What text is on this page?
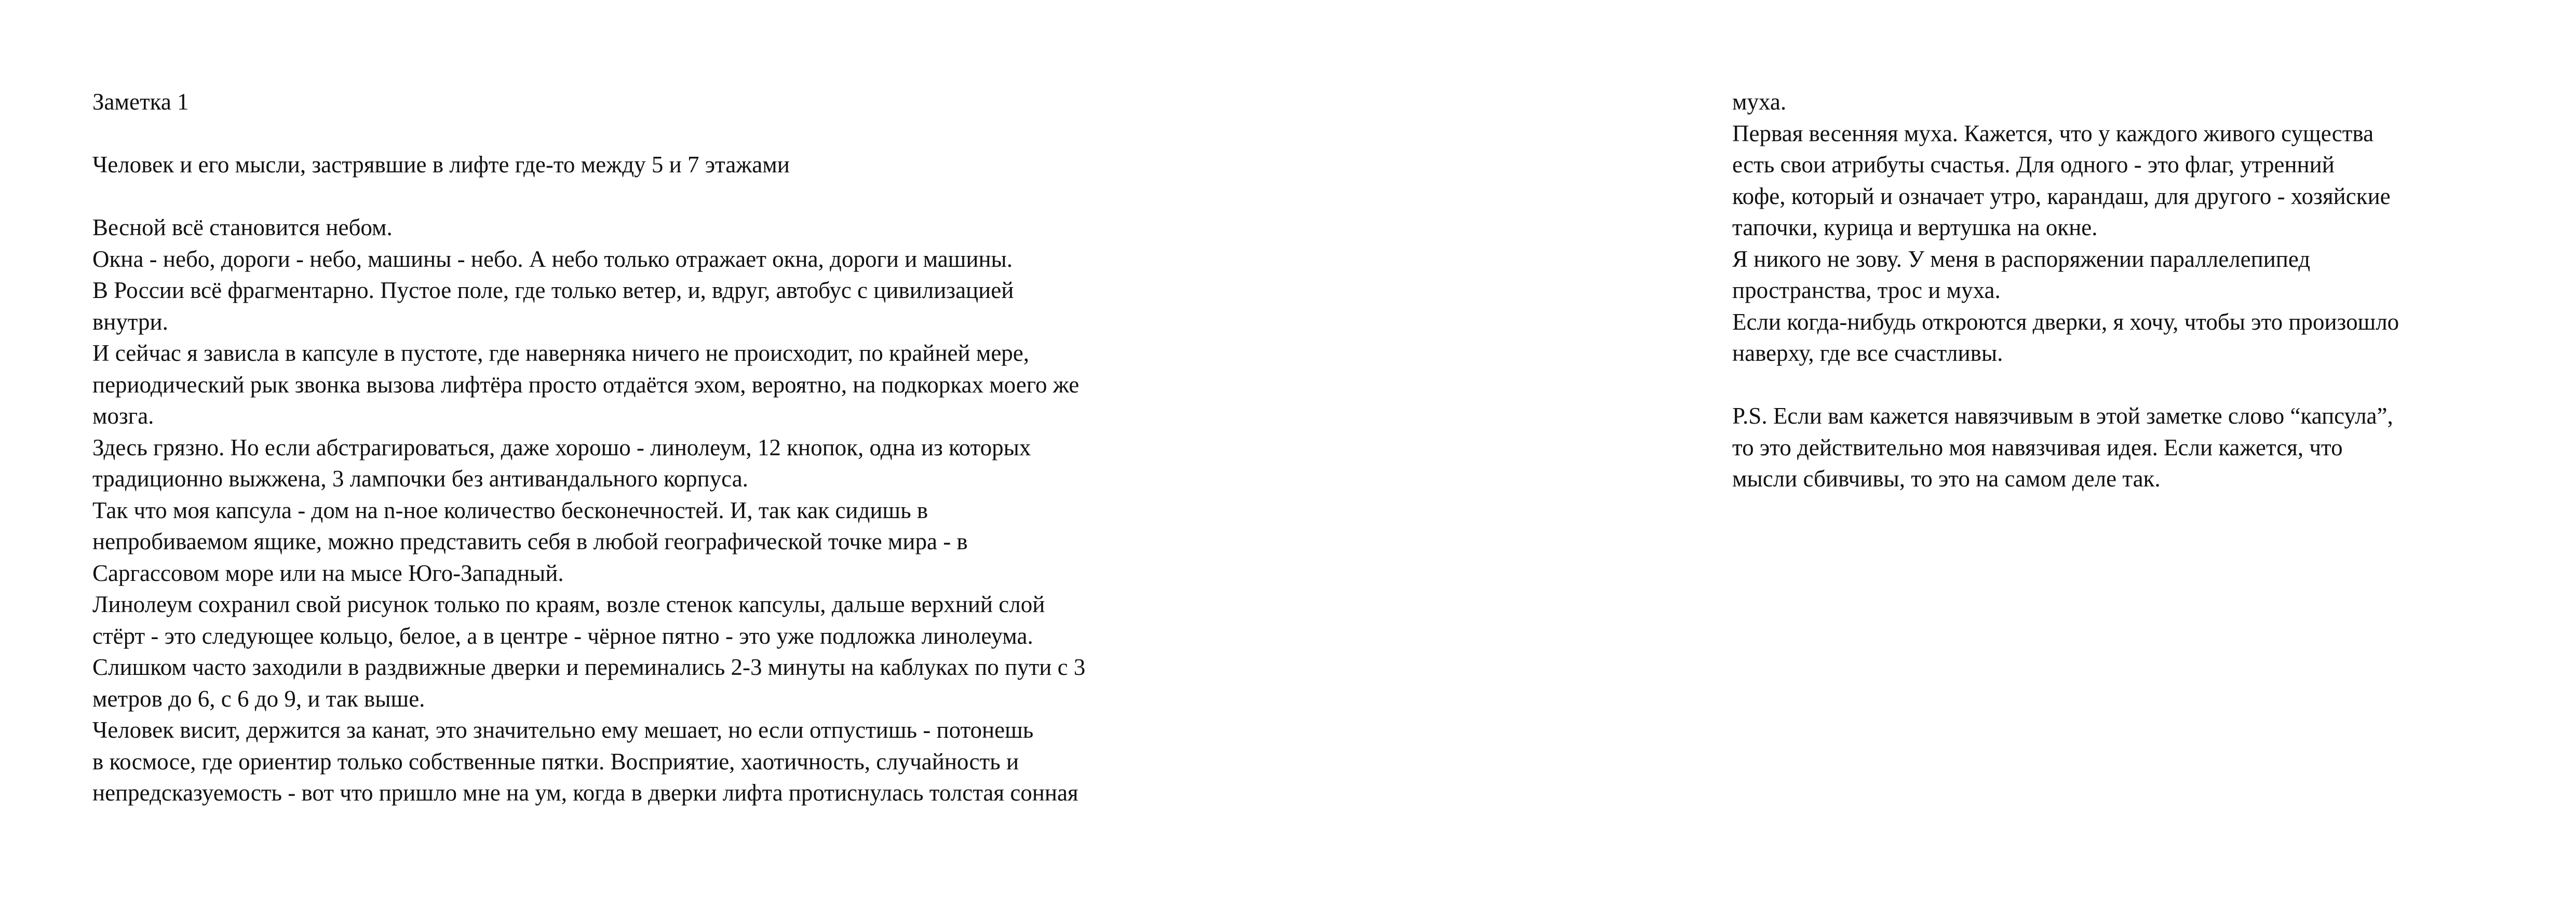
Заметка 1
Человек и его мысли, застрявшие в лифте где-то между 5 и 7 этажами
Весной всё становится небом.
Окна - небо, дороги - небо, машины - небо. А небо только отражает окна, дороги и машины.
В России всё фрагментарно. Пустое поле, где только ветер, и, вдруг, автобус с цивилизацией
внутри.
И сейчас я зависла в капсуле в пустоте, где наверняка ничего не происходит, по крайней мере,
периодический рык звонка вызова лифтёра просто отдаётся эхом, вероятно, на подкорках моего же
мозга.
Здесь грязно. Но если абстрагироваться, даже хорошо - линолеум, 12 кнопок, одна из которых
традиционно выжжена, 3 лампочки без антивандального корпуса.
Так что моя капсула - дом на n-ное количество бесконечностей. И, так как сидишь в
непробиваемом ящике, можно представить себя в любой географической точке мира - в
Саргассовом море или на мысе Юго-Западный.
Линолеум сохранил свой рисунок только по краям, возле стенок капсулы, дальше верхний слой
стёрт - это следующее кольцо, белое, а в центре - чёрное пятно - это уже подложка линолеума.
Слишком часто заходили в раздвижные дверки и переминались 2-3 минуты на каблуках по пути с 3
метров до 6, с 6 до 9, и так выше.
Человек висит, держится за канат, это значительно ему мешает, но если отпустишь - потонешь
в космосе, где ориентир только собственные пятки. Восприятие, хаотичность, случайность и
непредсказуемость - вот что пришло мне на ум, когда в дверки лифта протиснулась толстая сонная
муха.
Первая весенняя муха. Кажется, что у каждого живого существа
есть свои атрибуты счастья. Для одного - это флаг, утренний
кофе, который и означает утро, карандаш, для другого - хозяйские
тапочки, курица и вертушка на окне.
Я никого не зову. У меня в распоряжении параллелепипед
пространства, трос и муха.
Если когда-нибудь откроются дверки, я хочу, чтобы это произошло
наверху, где все счастливы.
P.S. Если вам кажется навязчивым в этой заметке слово “капсула”,
то это действительно моя навязчивая идея. Если кажется, что
мысли сбивчивы, то это на самом деле так.
